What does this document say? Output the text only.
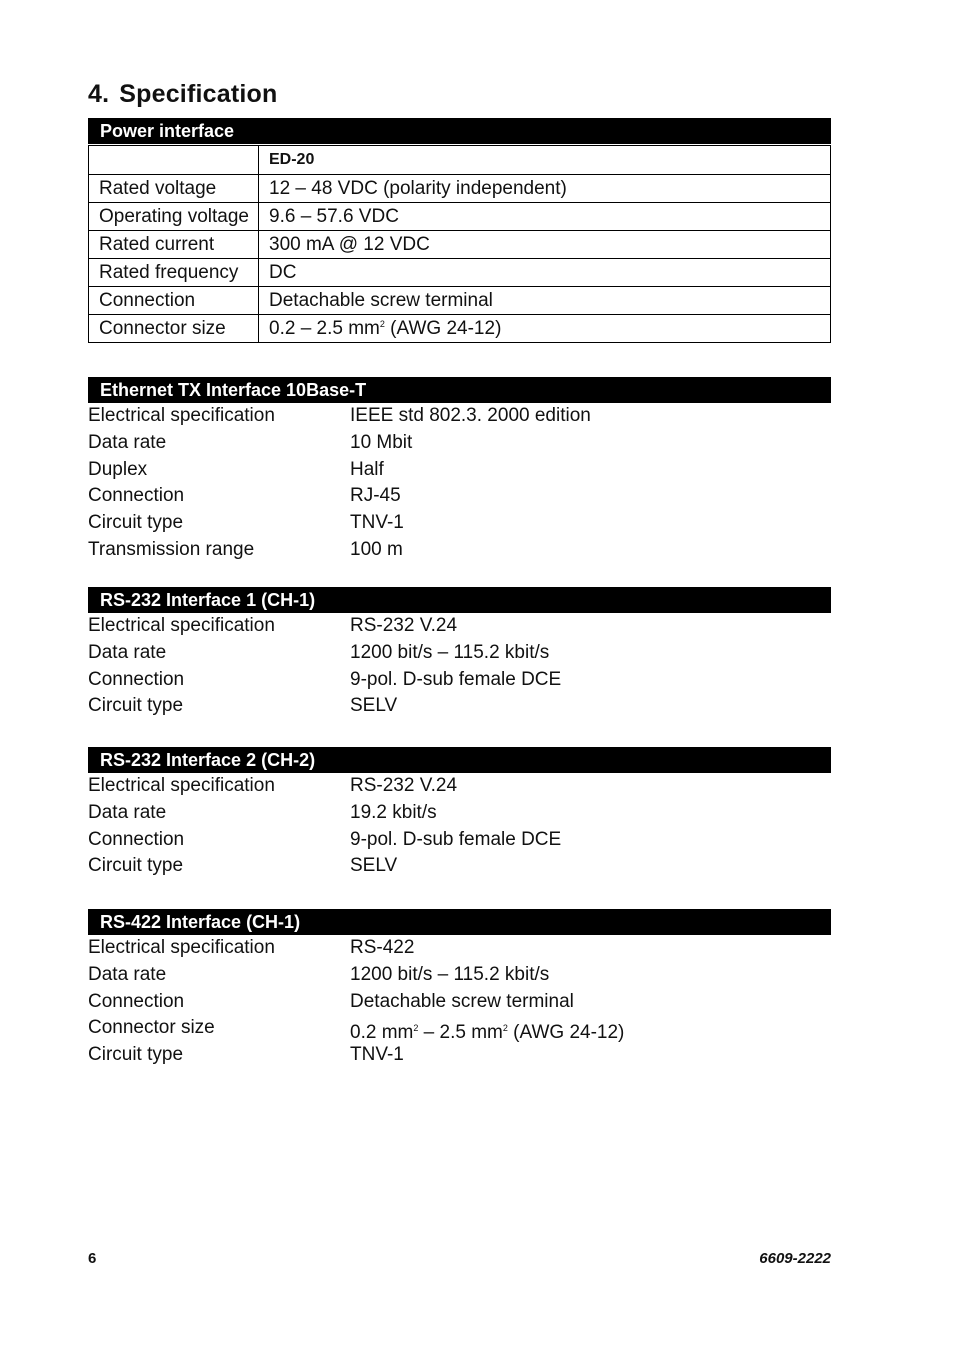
4. Specification
Power interface
	ED-20
Rated voltage	12 – 48 VDC (polarity independent)
Operating voltage	9.6 – 57.6 VDC
Rated current	300 mA @ 12 VDC
Rated frequency	DC
Connection	Detachable screw terminal
Connector size	0.2 – 2.5 $mm^2$ (AWG 24-12)
Ethernet TX Interface 10Base-T
Electrical specification	IEEE std 802.3. 2000 edition
Data rate	10 Mbit
Duplex	Half
Connection	RJ-45
Circuit type	TNV-1
Transmission range	100 m
RS-232 Interface 1 (CH-1)
Electrical specification	RS-232 V.24
Data rate	1200 bit/s – 115.2 kbit/s
Connection	9-pol. D-sub female DCE
Circuit type	SELV
RS-232 Interface 2 (CH-2)
Electrical specification	RS-232 V.24
Data rate	19.2 kbit/s
Connection	9-pol. D-sub female DCE
Circuit type	SELV
RS-422 Interface (CH-1)
Electrical specification	RS-422
Data rate	1200 bit/s – 115.2 kbit/s
Connection	Detachable screw terminal
Connector size	0.2 $mm^2 - 2.5$ $mm^2$ (AWG 24-12)
Circuit type	TNV-1
6	6609-2222
